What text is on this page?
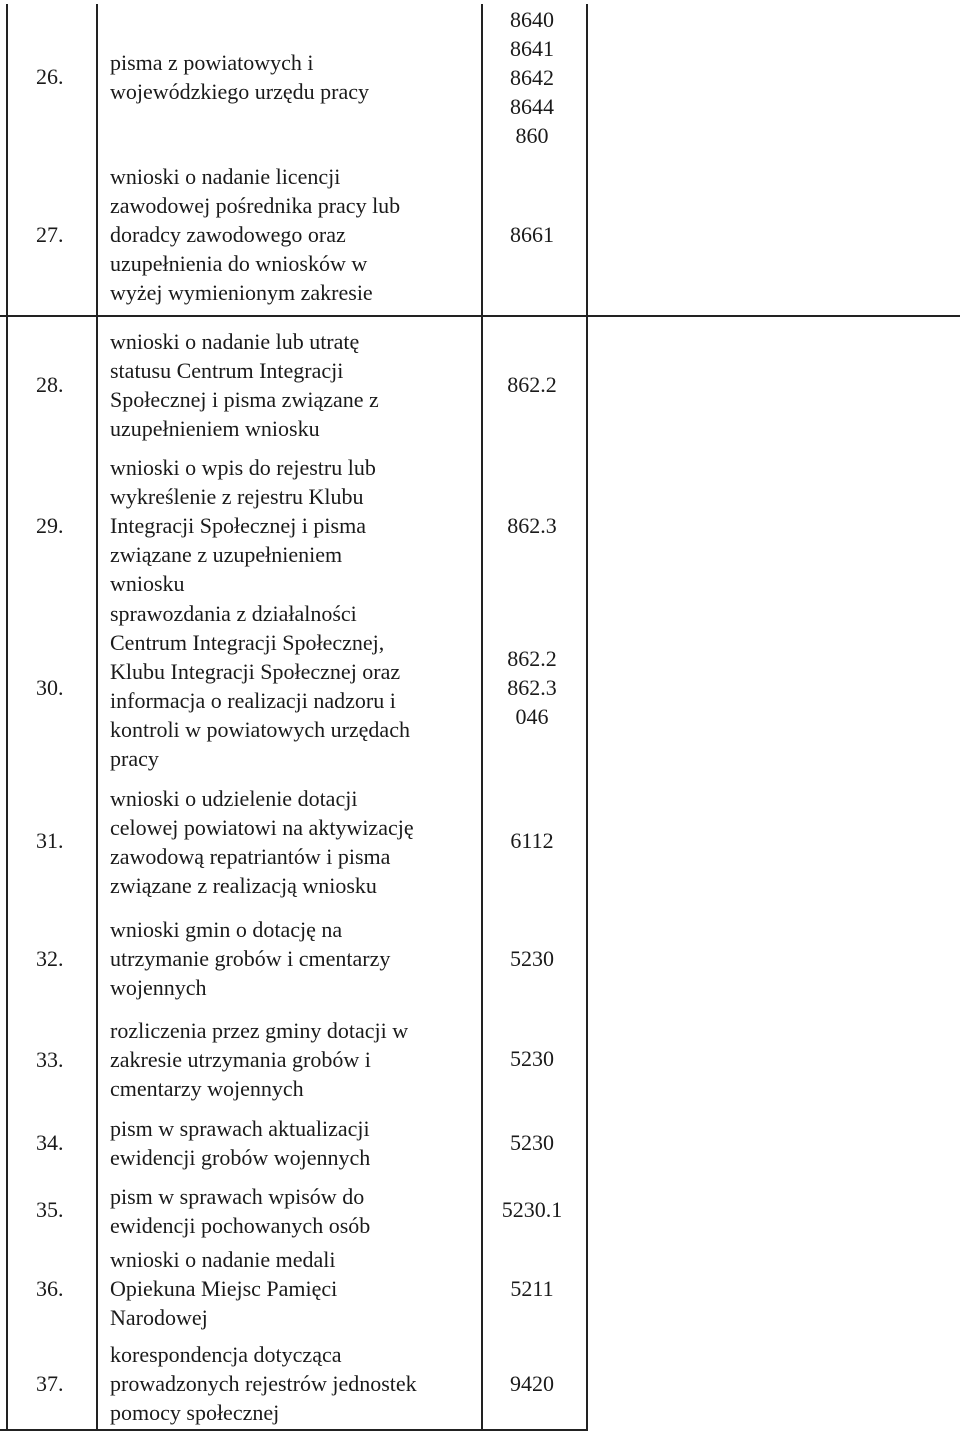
26.
pisma z powiatowych i
wojewódzkiego urzędu pracy
8640
8641
8642
8644
860
27.
wnioski o nadanie licencji
zawodowej pośrednika pracy lub
doradcy zawodowego oraz
uzupełnienia do wniosków w
wyżej wymienionym zakresie
8661
28.
wnioski o nadanie lub utratę
statusu Centrum Integracji
Społecznej i pisma związane z
uzupełnieniem wniosku
862.2
29.
wnioski o wpis do rejestru lub
wykreślenie z rejestru Klubu
Integracji Społecznej i pisma
związane z uzupełnieniem
wniosku
862.3
30.
sprawozdania z działalności
Centrum Integracji Społecznej,
Klubu Integracji Społecznej oraz
informacja o realizacji nadzoru i
kontroli w powiatowych urzędach
pracy
862.2
862.3
046
31.
wnioski o udzielenie dotacji
celowej powiatowi na aktywizację
zawodową repatriantów i pisma
związane z realizacją wniosku
6112
32.
wnioski gmin o dotację na
utrzymanie grobów i cmentarzy
wojennych
5230
33.
rozliczenia przez gminy dotacji w
zakresie utrzymania grobów i
cmentarzy wojennych
5230
34.
pism w sprawach aktualizacji
ewidencji grobów wojennych
5230
35.
pism w sprawach wpisów do
ewidencji pochowanych osób
5230.1
36.
wnioski o nadanie medali
Opiekuna Miejsc Pamięci
Narodowej
5211
37.
korespondencja dotycząca
prowadzonych rejestrów jednostek
pomocy społecznej
9420
